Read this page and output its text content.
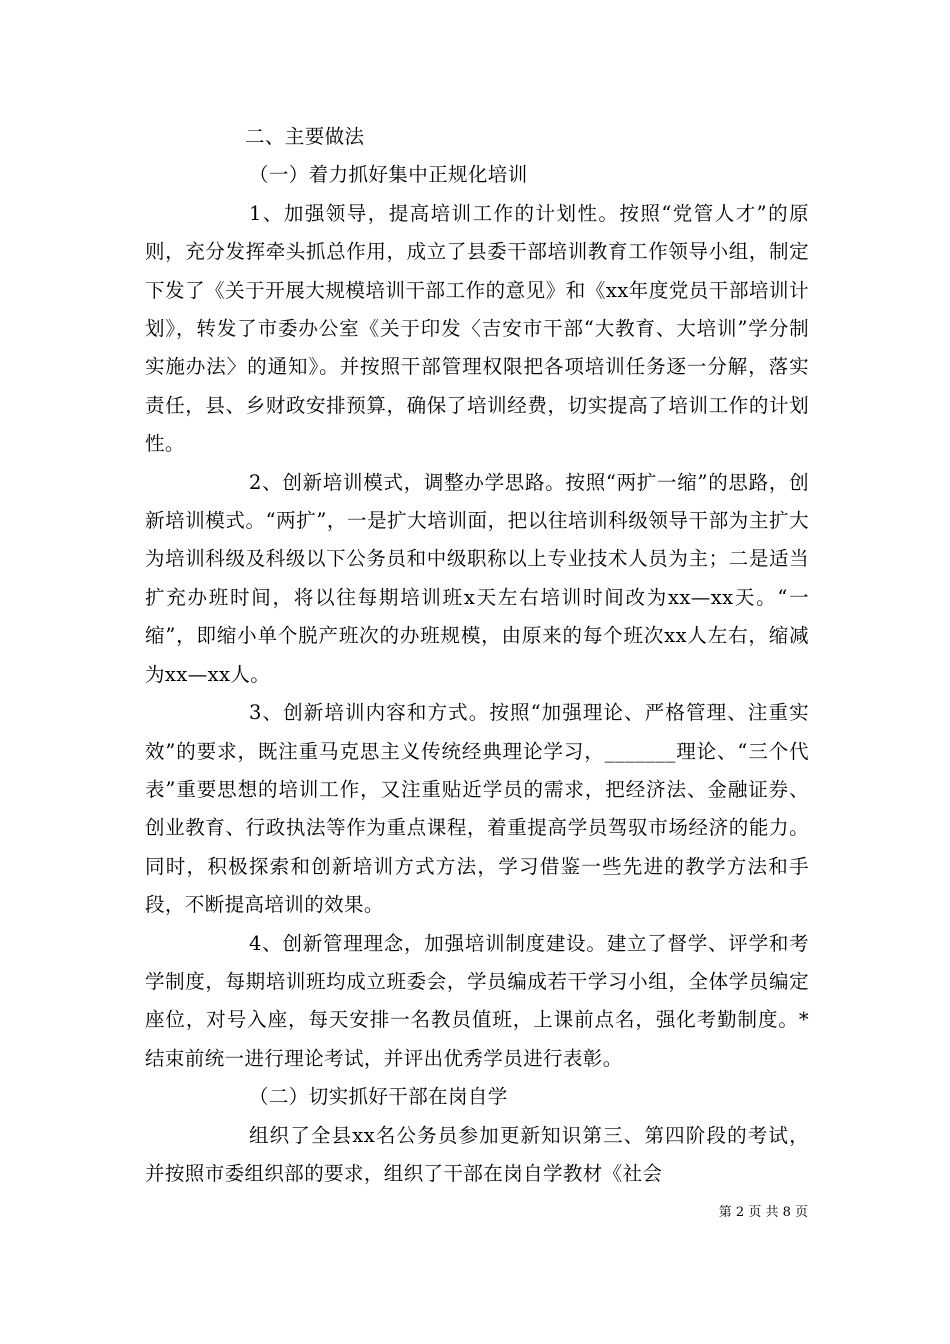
二、主要做法

（一）着力抓好集中正规化培训

1、加强领导，提高培训工作的计划性。按照“党管人才”的原则，充分发挥牵头抓总作用，成立了县委干部培训教育工作领导小组，制定下发了《关于开展大规模培训干部工作的意见》和《xx年度党员干部培训计划》，转发了市委办公室《关于印发〈吉安市干部“大教育、大培训”学分制实施办法〉的通知》。并按照干部管理权限把各项培训任务逐一分解，落实责任，县、乡财政安排预算，确保了培训经费，切实提高了培训工作的计划性。

2、创新培训模式，调整办学思路。按照“两扩一缩”的思路，创新培训模式。“两扩”，一是扩大培训面，把以往培训科级领导干部为主扩大为培训科级及科级以下公务员和中级职称以上专业技术人员为主；二是适当扩充办班时间，将以往每期培训班x天左右培训时间改为xx—xx天。“一缩”，即缩小单个脱产班次的办班规模，由原来的每个班次xx人左右，缩减为xx—xx人。

3、创新培训内容和方式。按照“加强理论、严格管理、注重实效”的要求，既注重马克思主义传统经典理论学习，_______理论、“三个代表”重要思想的培训工作，又注重贴近学员的需求，把经济法、金融证券、创业教育、行政执法等作为重点课程，着重提高学员驾驭市场经济的能力。同时，积极探索和创新培训方式方法，学习借鉴一些先进的教学方法和手段，不断提高培训的效果。

4、创新管理理念，加强培训制度建设。建立了督学、评学和考学制度，每期培训班均成立班委会，学员编成若干学习小组，全体学员编定座位，对号入座，每天安排一名教员值班，上课前点名，强化考勤制度。*结束前统一进行理论考试，并评出优秀学员进行表彰。

（二）切实抓好干部在岗自学

组织了全县xx名公务员参加更新知识第三、第四阶段的考试，并按照市委组织部的要求，组织了干部在岗自学教材《社会

第 2 页 共 8 页
